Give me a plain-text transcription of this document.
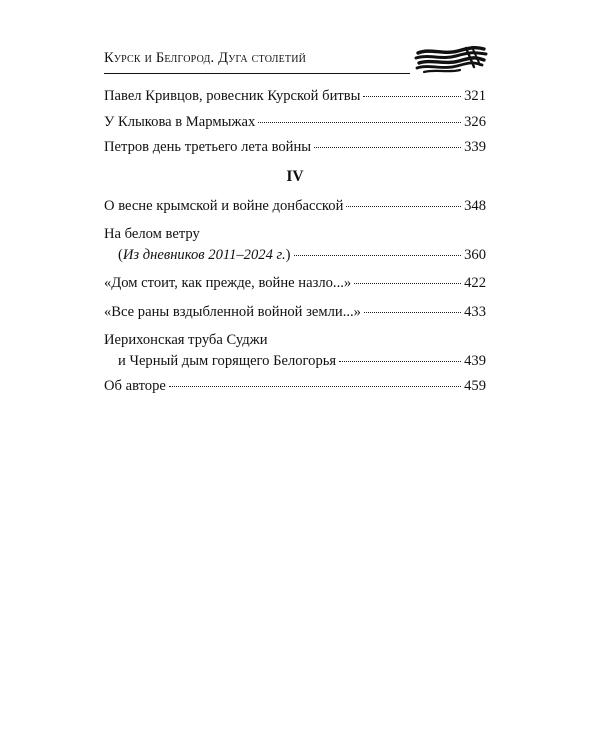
Курск и Белгород. Дуга столетий
Павел Кривцов, ровесник Курской битвы	321
У Клыкова в Мармыжах	326
Петров день третьего лета войны	339
IV
О весне крымской и войне донбасской	348
На белом ветру
(Из дневников 2011–2024 г.)	360
«Дом стоит, как прежде, войне назло...»	422
«Все раны вздыбленной войной земли...»	433
Иерихонская труба Суджи
и Черный дым горящего Белогорья	439
Об авторе	459
